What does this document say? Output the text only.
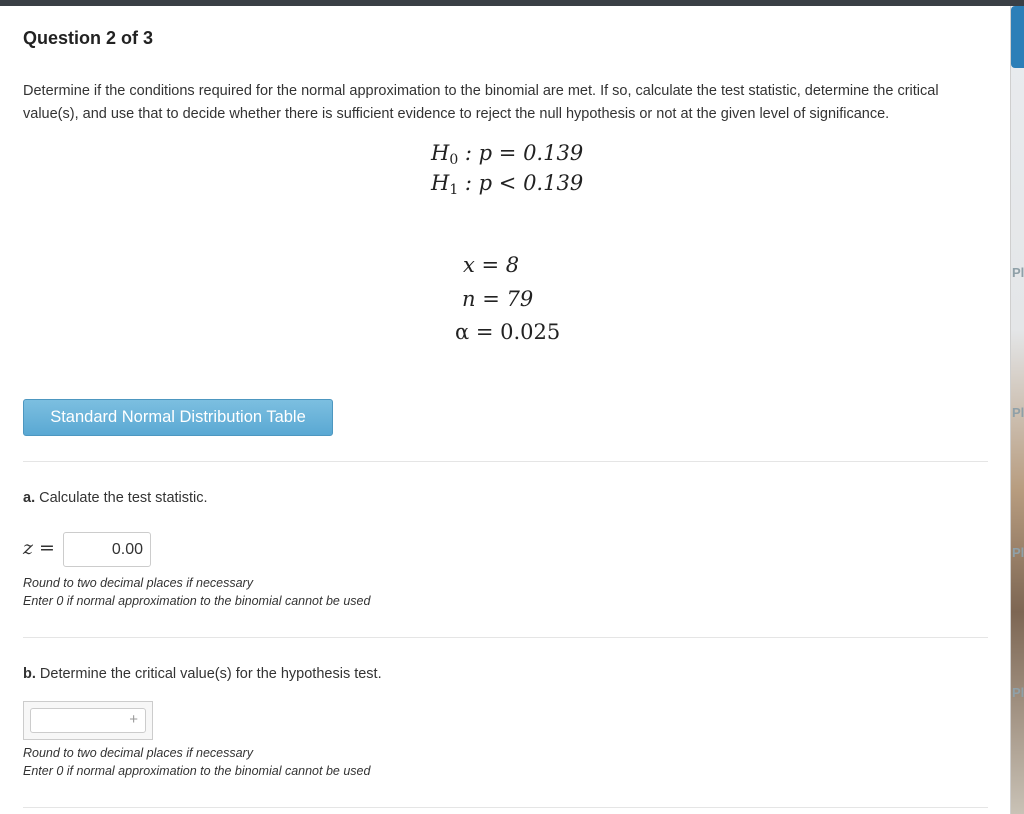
Pl
Pl
Pl
Pl
Question 2 of 3
Determine if the conditions required for the normal approximation to the binomial are met. If so, calculate the test statistic, determine the critical value(s), and use that to decide whether there is sufficient evidence to reject the null hypothesis or not at the given level of significance.
$H_0$ : p = 0.139
$H_1$ : p < 0.139
x = 8
n = 79
α = 0.025
Standard Normal Distribution Table
a. Calculate the test statistic.
z =	0.00
Round to two decimal places if necessary
Enter 0 if normal approximation to the binomial cannot be used
b. Determine the critical value(s) for the hypothesis test.
+
Round to two decimal places if necessary
Enter 0 if normal approximation to the binomial cannot be used
